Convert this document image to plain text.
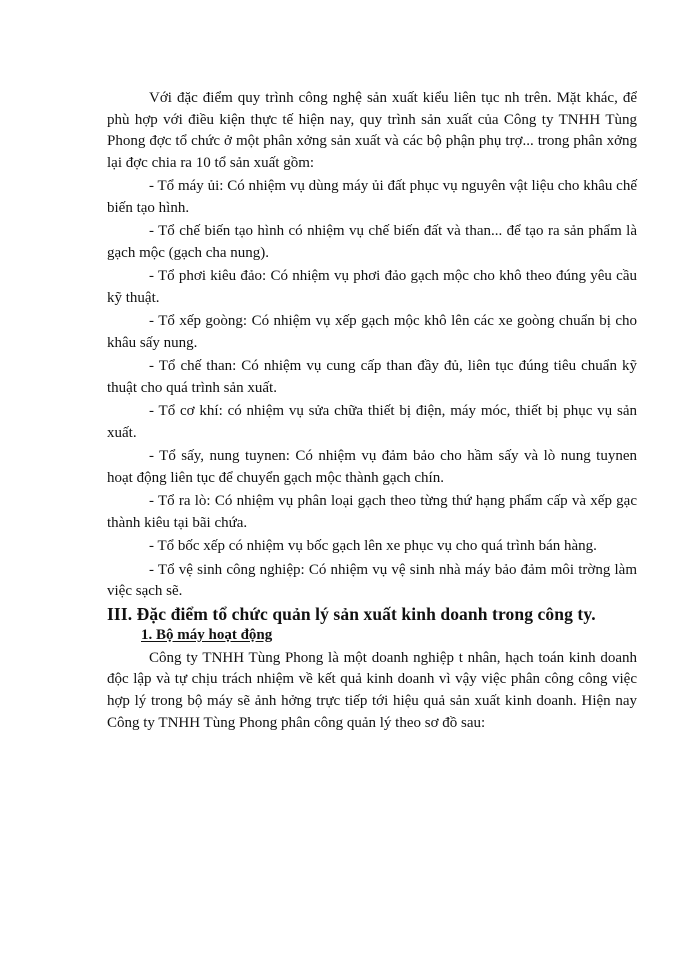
Với đặc điểm quy trình công nghệ sản xuất kiểu liên tục nh trên. Mặt khác, để phù hợp với điều kiện thực tế hiện nay, quy trình sản xuất của Công ty TNHH Tùng Phong đợc tổ chức ở một phân xởng sản xuất và các bộ phận phụ trợ... trong phân xởng lại đợc chia ra 10 tổ sản xuất gồm:

- Tổ máy ủi: Có nhiệm vụ dùng máy ủi đất phục vụ nguyên vật liệu cho khâu chế biến tạo hình.

- Tổ chế biến tạo hình có nhiệm vụ chế biến đất và than... để tạo ra sản phẩm là gạch mộc (gạch cha nung).

- Tổ phơi kiêu đảo: Có nhiệm vụ phơi đảo gạch mộc cho khô theo đúng yêu cầu kỹ thuật.

- Tổ xếp goòng: Có nhiệm vụ xếp gạch mộc khô lên các xe goòng chuẩn bị cho khâu sấy nung.

- Tổ chế than: Có nhiệm vụ cung cấp than đầy đủ, liên tục đúng tiêu chuẩn kỹ thuật cho quá trình sản xuất.

- Tổ cơ khí: có nhiệm vụ sửa chữa thiết bị điện, máy móc, thiết bị phục vụ sản xuất.

- Tổ sấy, nung tuynen: Có nhiệm vụ đảm bảo cho hầm sấy và lò nung tuynen hoạt động liên tục để chuyển gạch mộc thành gạch chín.

- Tổ ra lò: Có nhiệm vụ phân loại gạch theo từng thứ hạng phẩm cấp và xếp gạc thành kiêu tại bãi chứa.

- Tổ bốc xếp có nhiệm vụ bốc gạch lên xe phục vụ cho quá trình bán hàng.

- Tổ vệ sinh công nghiệp: Có nhiệm vụ vệ sinh nhà máy bảo đảm môi trờng làm việc sạch sẽ.

III. Đặc điểm tổ chức quản lý sản xuất kinh doanh trong công ty.
1. Bộ máy hoạt động

Công ty TNHH Tùng Phong là một doanh nghiệp t nhân, hạch toán kinh doanh độc lập và tự chịu trách nhiệm về kết quả kinh doanh vì vậy việc phân công công việc hợp lý trong bộ máy sẽ ảnh hởng trực tiếp tới hiệu quả sản xuất kinh doanh. Hiện nay Công ty TNHH Tùng Phong phân công quản lý theo sơ đồ sau:
